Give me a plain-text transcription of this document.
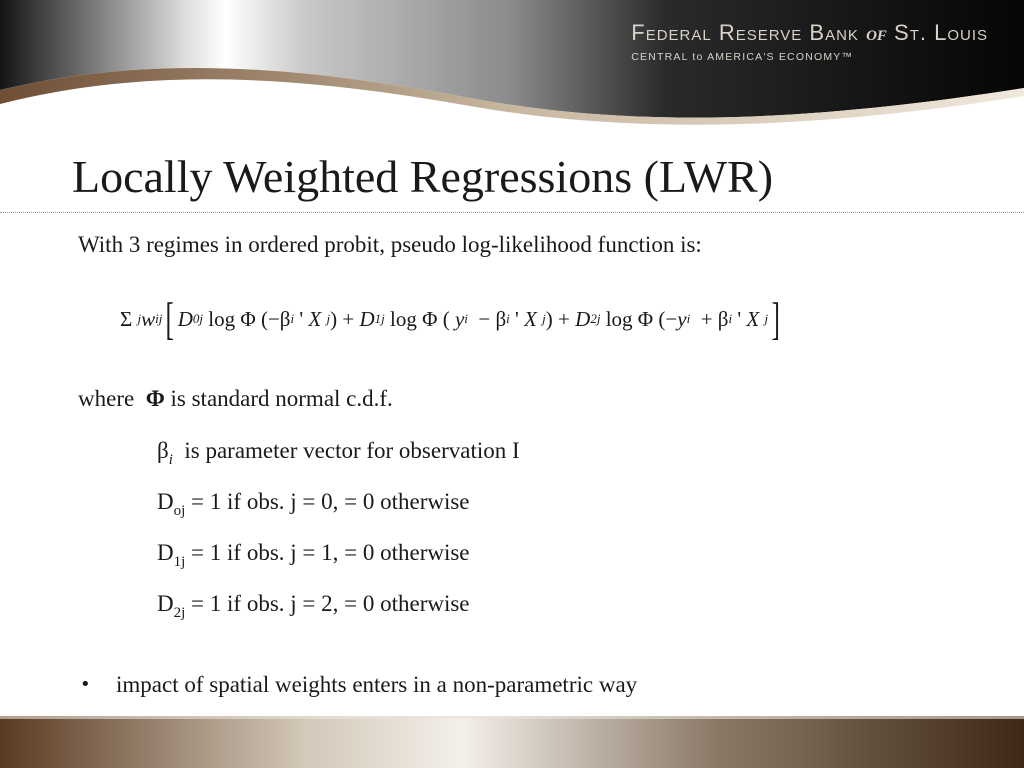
Federal Reserve Bank of St. Louis
CENTRAL to AMERICA'S ECONOMY™
Locally Weighted Regressions (LWR)
With 3 regimes in ordered probit, pseudo log-likelihood function is:
Σ
j w ij [ D 0j
log
Φ
( − β i
'
X
j )
+
D 1j
log
Φ
(
y i
−
β i
'
X
j )
+
D 2j
log
Φ
( − y i
+
β i
'
X
j ]
where Φ is standard normal c.d.f.
$\beta_i$ is parameter vector for observation I
$D_{oj} = 1$ if obs. j = 0, = 0 otherwise
$D_{1j} = 1$ if obs. j = 1, = 0 otherwise
$D_{2j} = 1$ if obs. j = 2, = 0 otherwise
• impact of spatial weights enters in a non-parametric way
